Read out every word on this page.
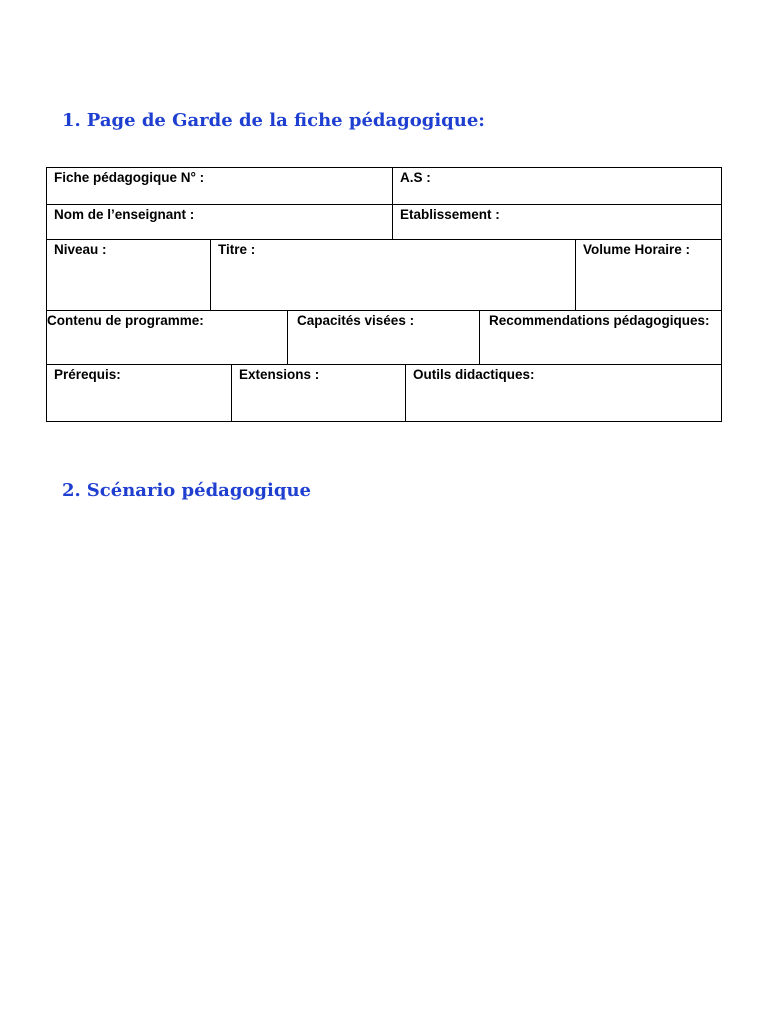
1. Page de Garde de la fiche pédagogique:
Fiche pédagogique N° :	A.S :
Nom de l’enseignant :	Etablissement :
Niveau :	Titre :	Volume Horaire :
Contenu de programme:	Capacités visées :	Recommendations pédagogiques:
Prérequis:	Extensions :	Outils didactiques:
2. Scénario pédagogique
